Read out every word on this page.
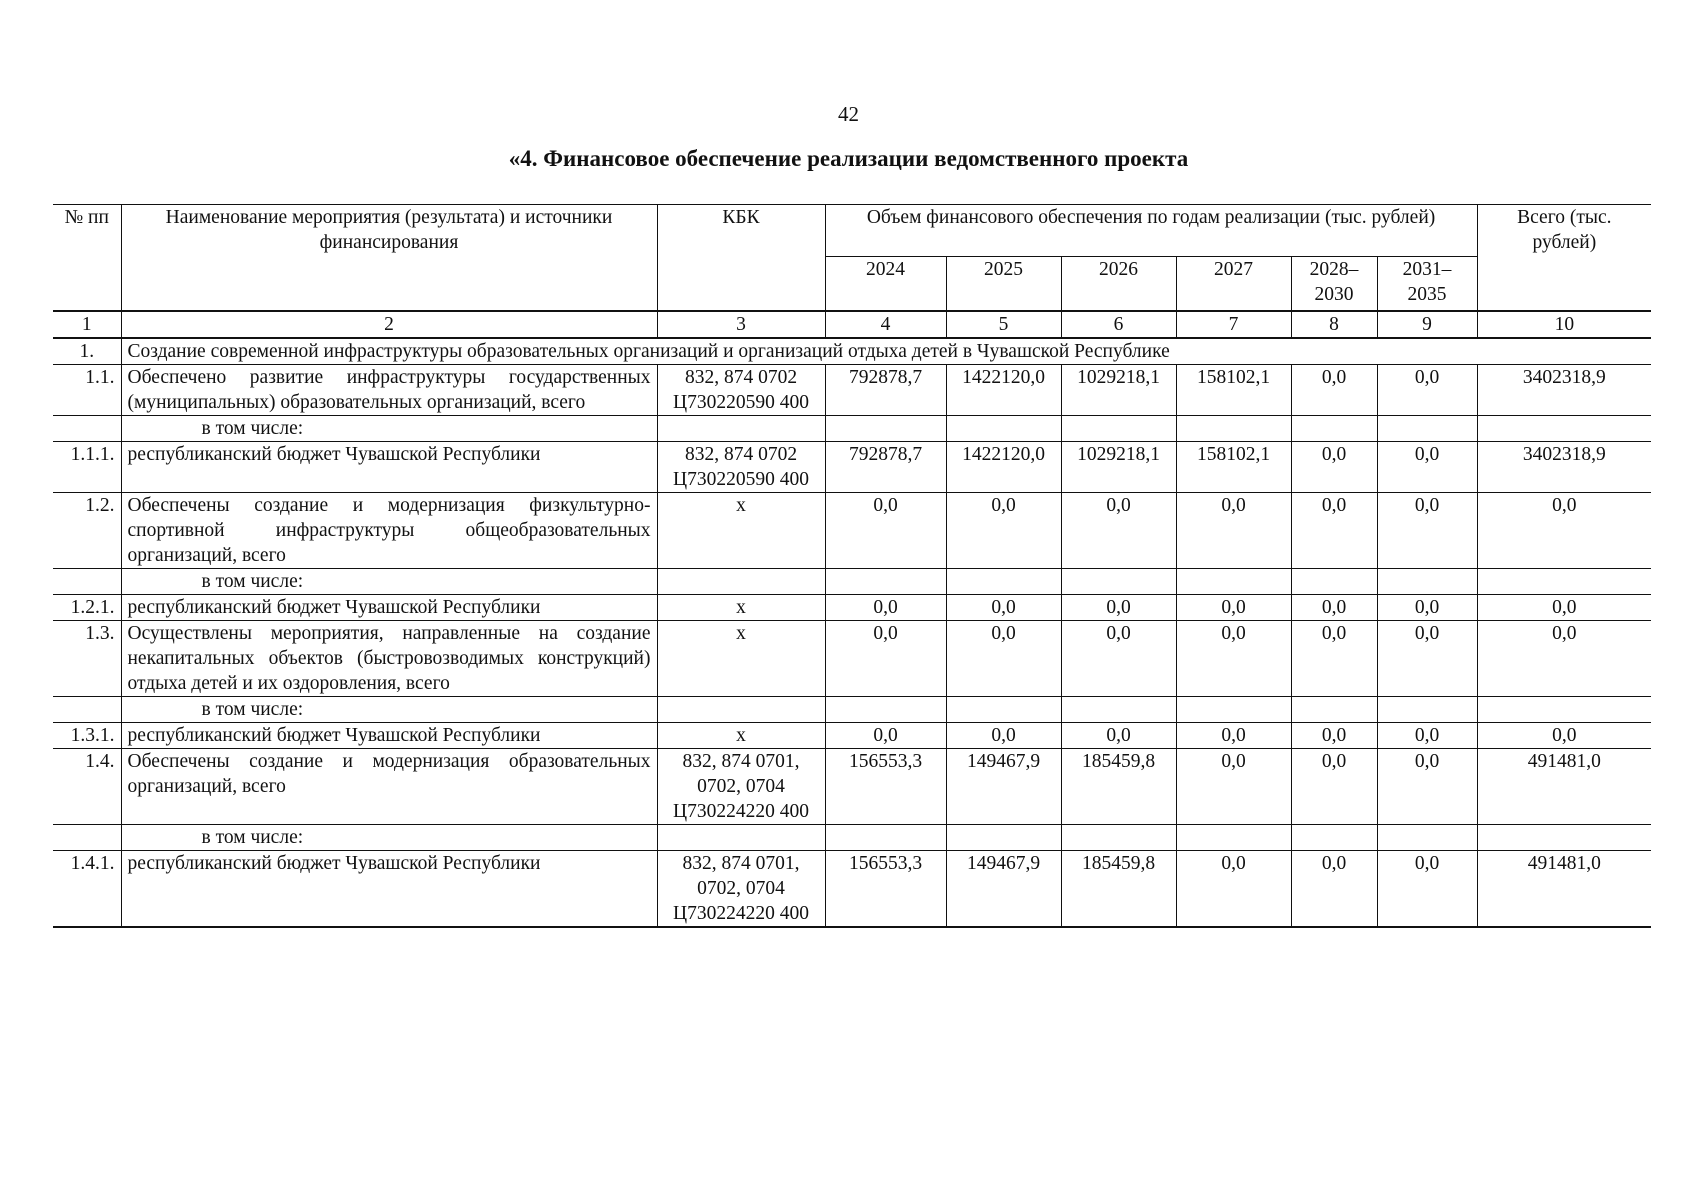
42
«4. Финансовое обеспечение реализации ведомственного проекта
№ пп	Наименование мероприятия (результата) и источники финансирования	КБК	Объем финансового обеспечения по годам реализации (тыс. рублей)						Всего (тыс. рублей)
			2024	2025	2026	2027	2028–2030	2031–2035	
1	2	3	4	5	6	7	8	9	10
1.	Создание современной инфраструктуры образовательных организаций и организаций отдыха детей в Чувашской Республике								
1.1.	Обеспечено развитие инфраструктуры государственных (муниципальных) образовательных организаций, всего	832, 874 0702 Ц730220590 400	792878,7	1422120,0	1029218,1	158102,1	0,0	0,0	3402318,9
	в том числе:								
1.1.1.	республиканский бюджет Чувашской Республики	832, 874 0702 Ц730220590 400	792878,7	1422120,0	1029218,1	158102,1	0,0	0,0	3402318,9
1.2.	Обеспечены создание и модернизация физкультурно-спортивной инфраструктуры общеобразовательных организаций, всего	х	0,0	0,0	0,0	0,0	0,0	0,0	0,0
	в том числе:								
1.2.1.	республиканский бюджет Чувашской Республики	х	0,0	0,0	0,0	0,0	0,0	0,0	0,0
1.3.	Осуществлены мероприятия, направленные на создание некапитальных объектов (быстровозводимых конструкций) отдыха детей и их оздоровления, всего	х	0,0	0,0	0,0	0,0	0,0	0,0	0,0
	в том числе:								
1.3.1.	республиканский бюджет Чувашской Республики	х	0,0	0,0	0,0	0,0	0,0	0,0	0,0
1.4.	Обеспечены создание и модернизация образовательных организаций, всего	832, 874 0701, 0702, 0704 Ц730224220 400	156553,3	149467,9	185459,8	0,0	0,0	0,0	491481,0
	в том числе:								
1.4.1.	республиканский бюджет Чувашской Республики	832, 874 0701, 0702, 0704 Ц730224220 400	156553,3	149467,9	185459,8	0,0	0,0	0,0	491481,0
